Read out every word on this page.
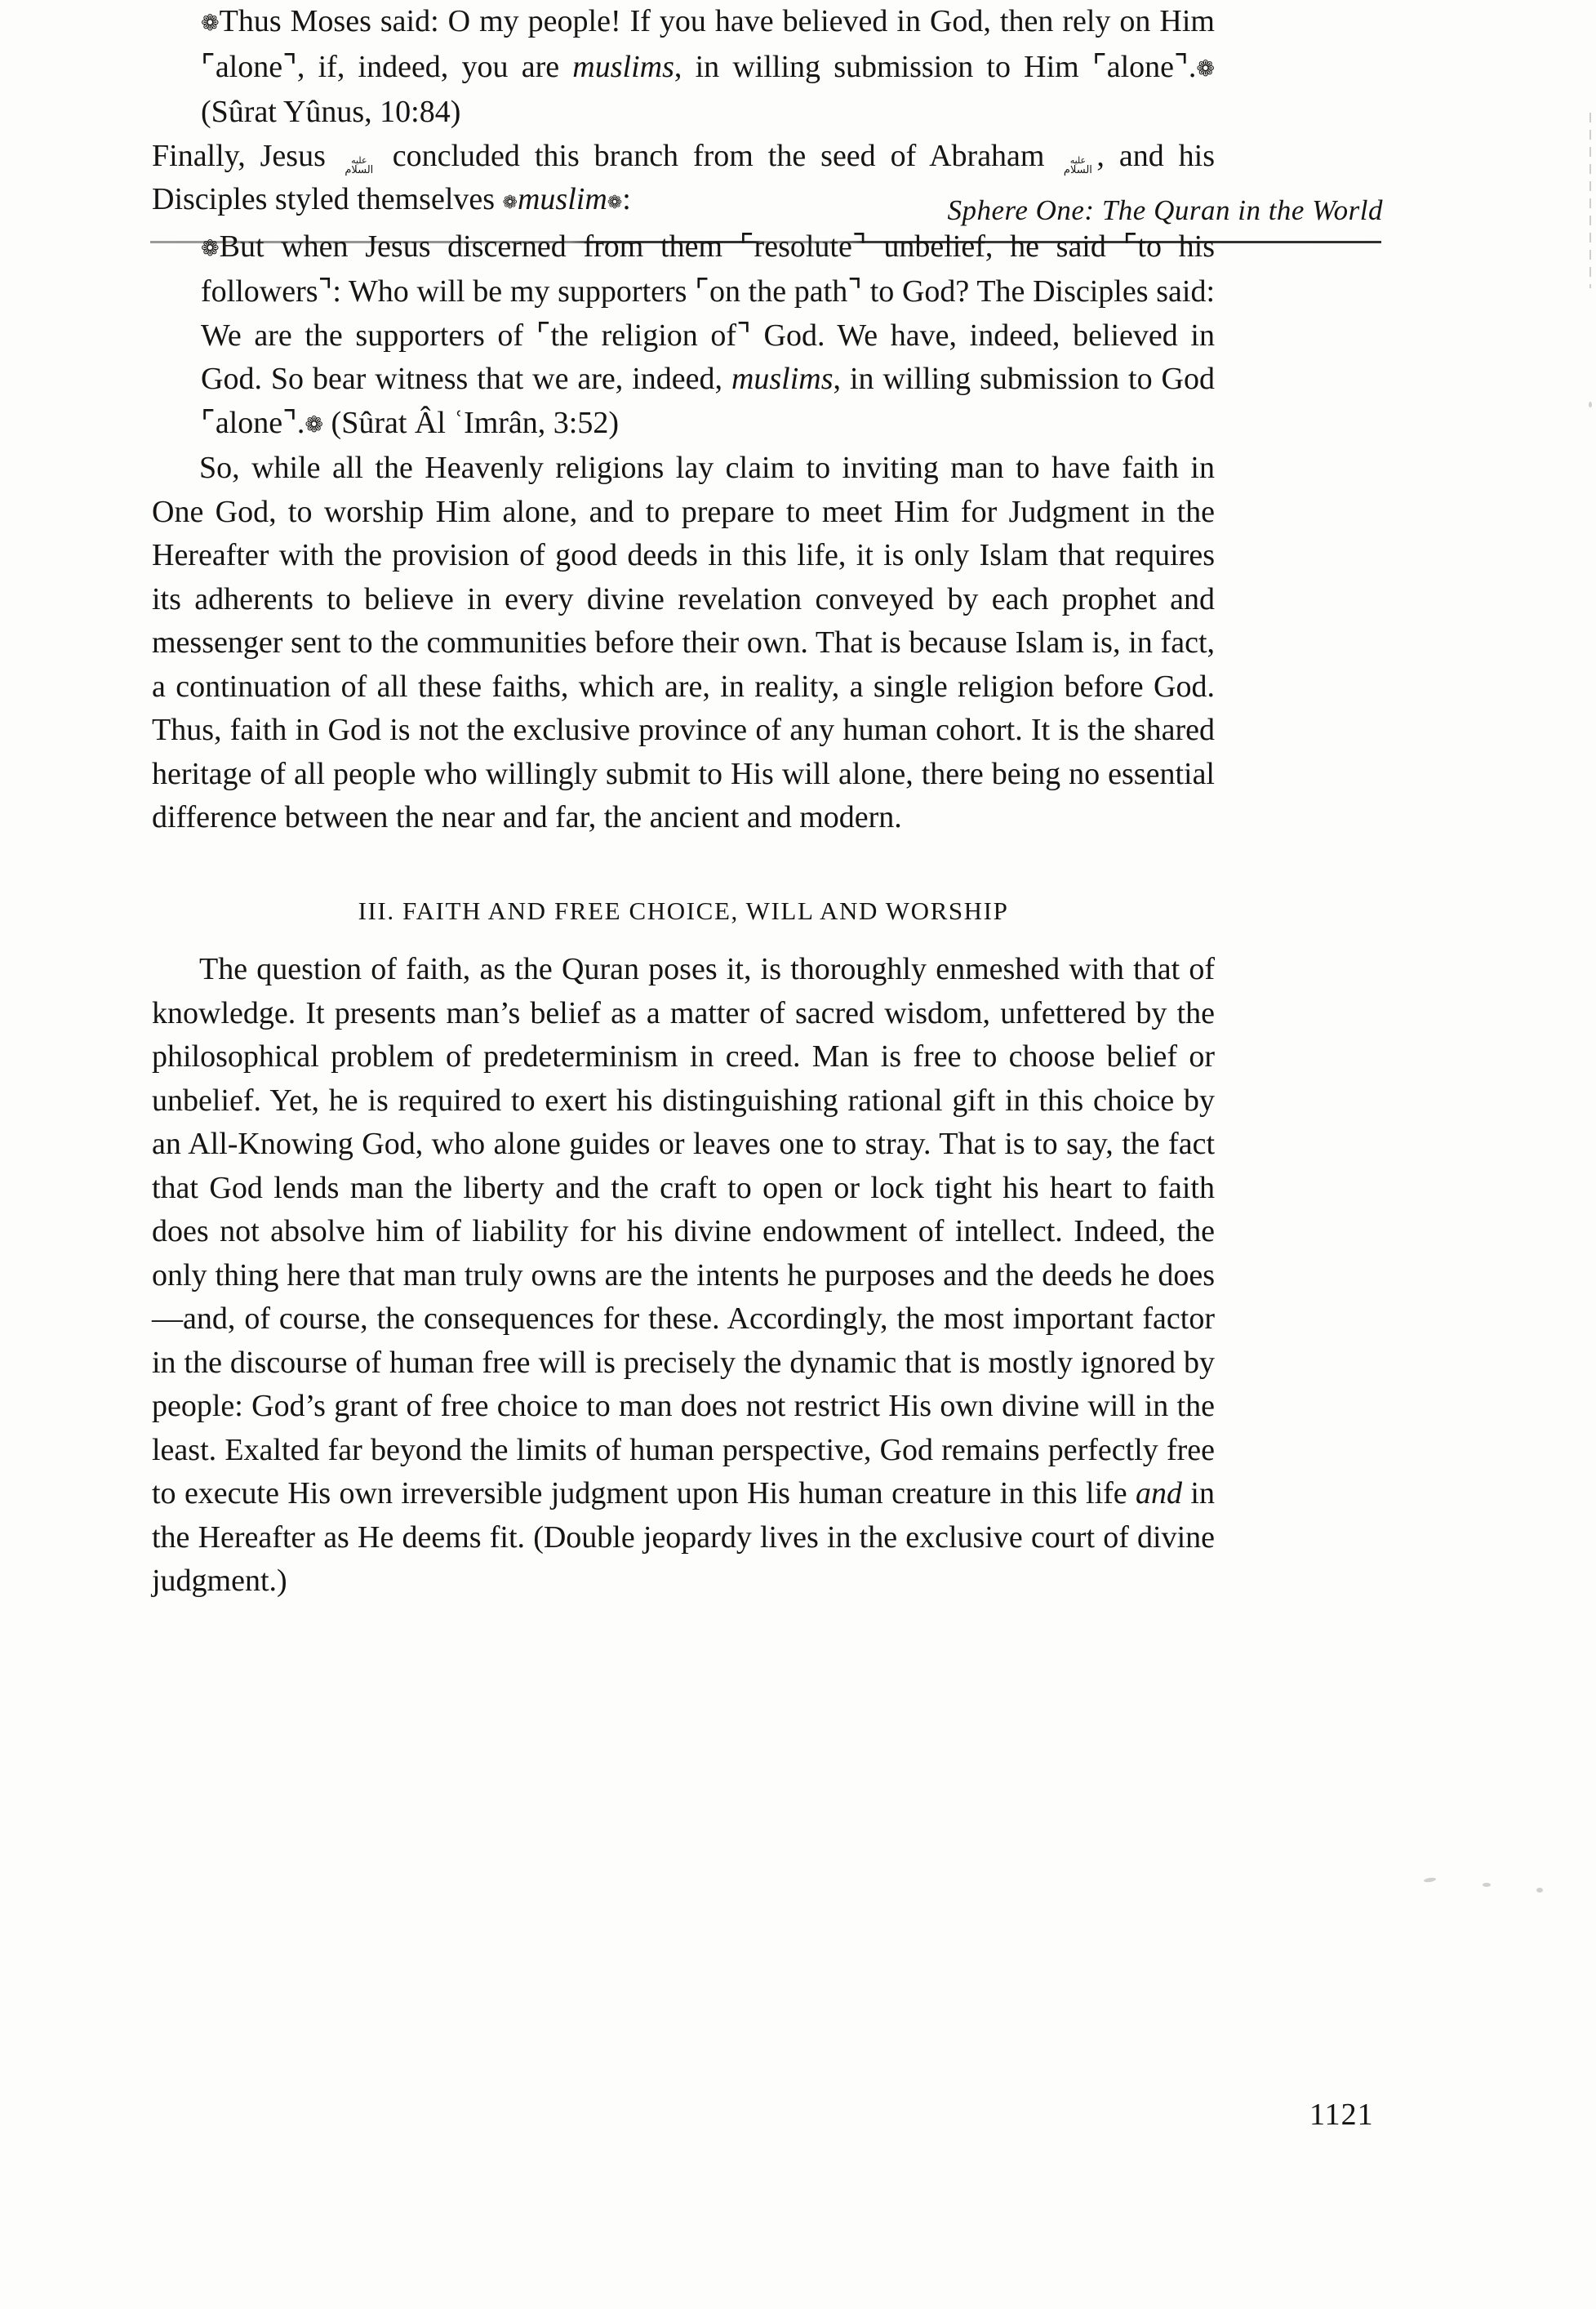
Sphere One: The Quran in the World
❁Thus Moses said: O my people! If you have believed in God, then rely on Him ⌜alone⌝, if, indeed, you are muslims, in willing submission to Him ⌜alone⌝.❁ (Sûrat Yûnus, 10:84)

Finally, Jesus	عليه
السلام concluded this branch from the seed of Abraham	عليه
السلام , and his Disciples styled themselves ❁muslim❁:

❁But when Jesus discerned from them ⌜resolute⌝ unbelief, he said ⌜to his followers⌝: Who will be my supporters ⌜on the path⌝ to God? The Disciples said: We are the supporters of ⌜the religion of⌝ God. We have, indeed, believed in God. So bear witness that we are, indeed, muslims, in willing submission to God ⌜alone⌝.❁ (Sûrat Âl ʿImrân, 3:52)

So, while all the Heavenly religions lay claim to inviting man to have faith in One God, to worship Him alone, and to prepare to meet Him for Judgment in the Hereafter with the provision of good deeds in this life, it is only Islam that requires its adherents to believe in every divine revelation conveyed by each prophet and messenger sent to the communities before their own. That is because Islam is, in fact, a continuation of all these faiths, which are, in reality, a single religion before God. Thus, faith in God is not the exclusive province of any human cohort. It is the shared heritage of all people who willingly submit to His will alone, there being no essential difference between the near and far, the ancient and modern.

III. FAITH AND FREE CHOICE, WILL AND WORSHIP

The question of faith, as the Quran poses it, is thoroughly enmeshed with that of knowledge. It presents man’s belief as a matter of sacred wisdom, unfettered by the philosophical problem of predeterminism in creed. Man is free to choose belief or unbelief. Yet, he is required to exert his distinguishing rational gift in this choice by an All-Knowing God, who alone guides or leaves one to stray. That is to say, the fact that God lends man the liberty and the craft to open or lock tight his heart to faith does not absolve him of liability for his divine endowment of intellect. Indeed, the only thing here that man truly owns are the intents he purposes and the deeds he does—and, of course, the consequences for these. Accordingly, the most important factor in the discourse of human free will is precisely the dynamic that is mostly ignored by people: God’s grant of free choice to man does not restrict His own divine will in the least. Exalted far beyond the limits of human perspective, God remains perfectly free to execute His own irreversible judgment upon His human creature in this life and in the Hereafter as He deems fit. (Double jeopardy lives in the exclusive court of divine judgment.)

1121
